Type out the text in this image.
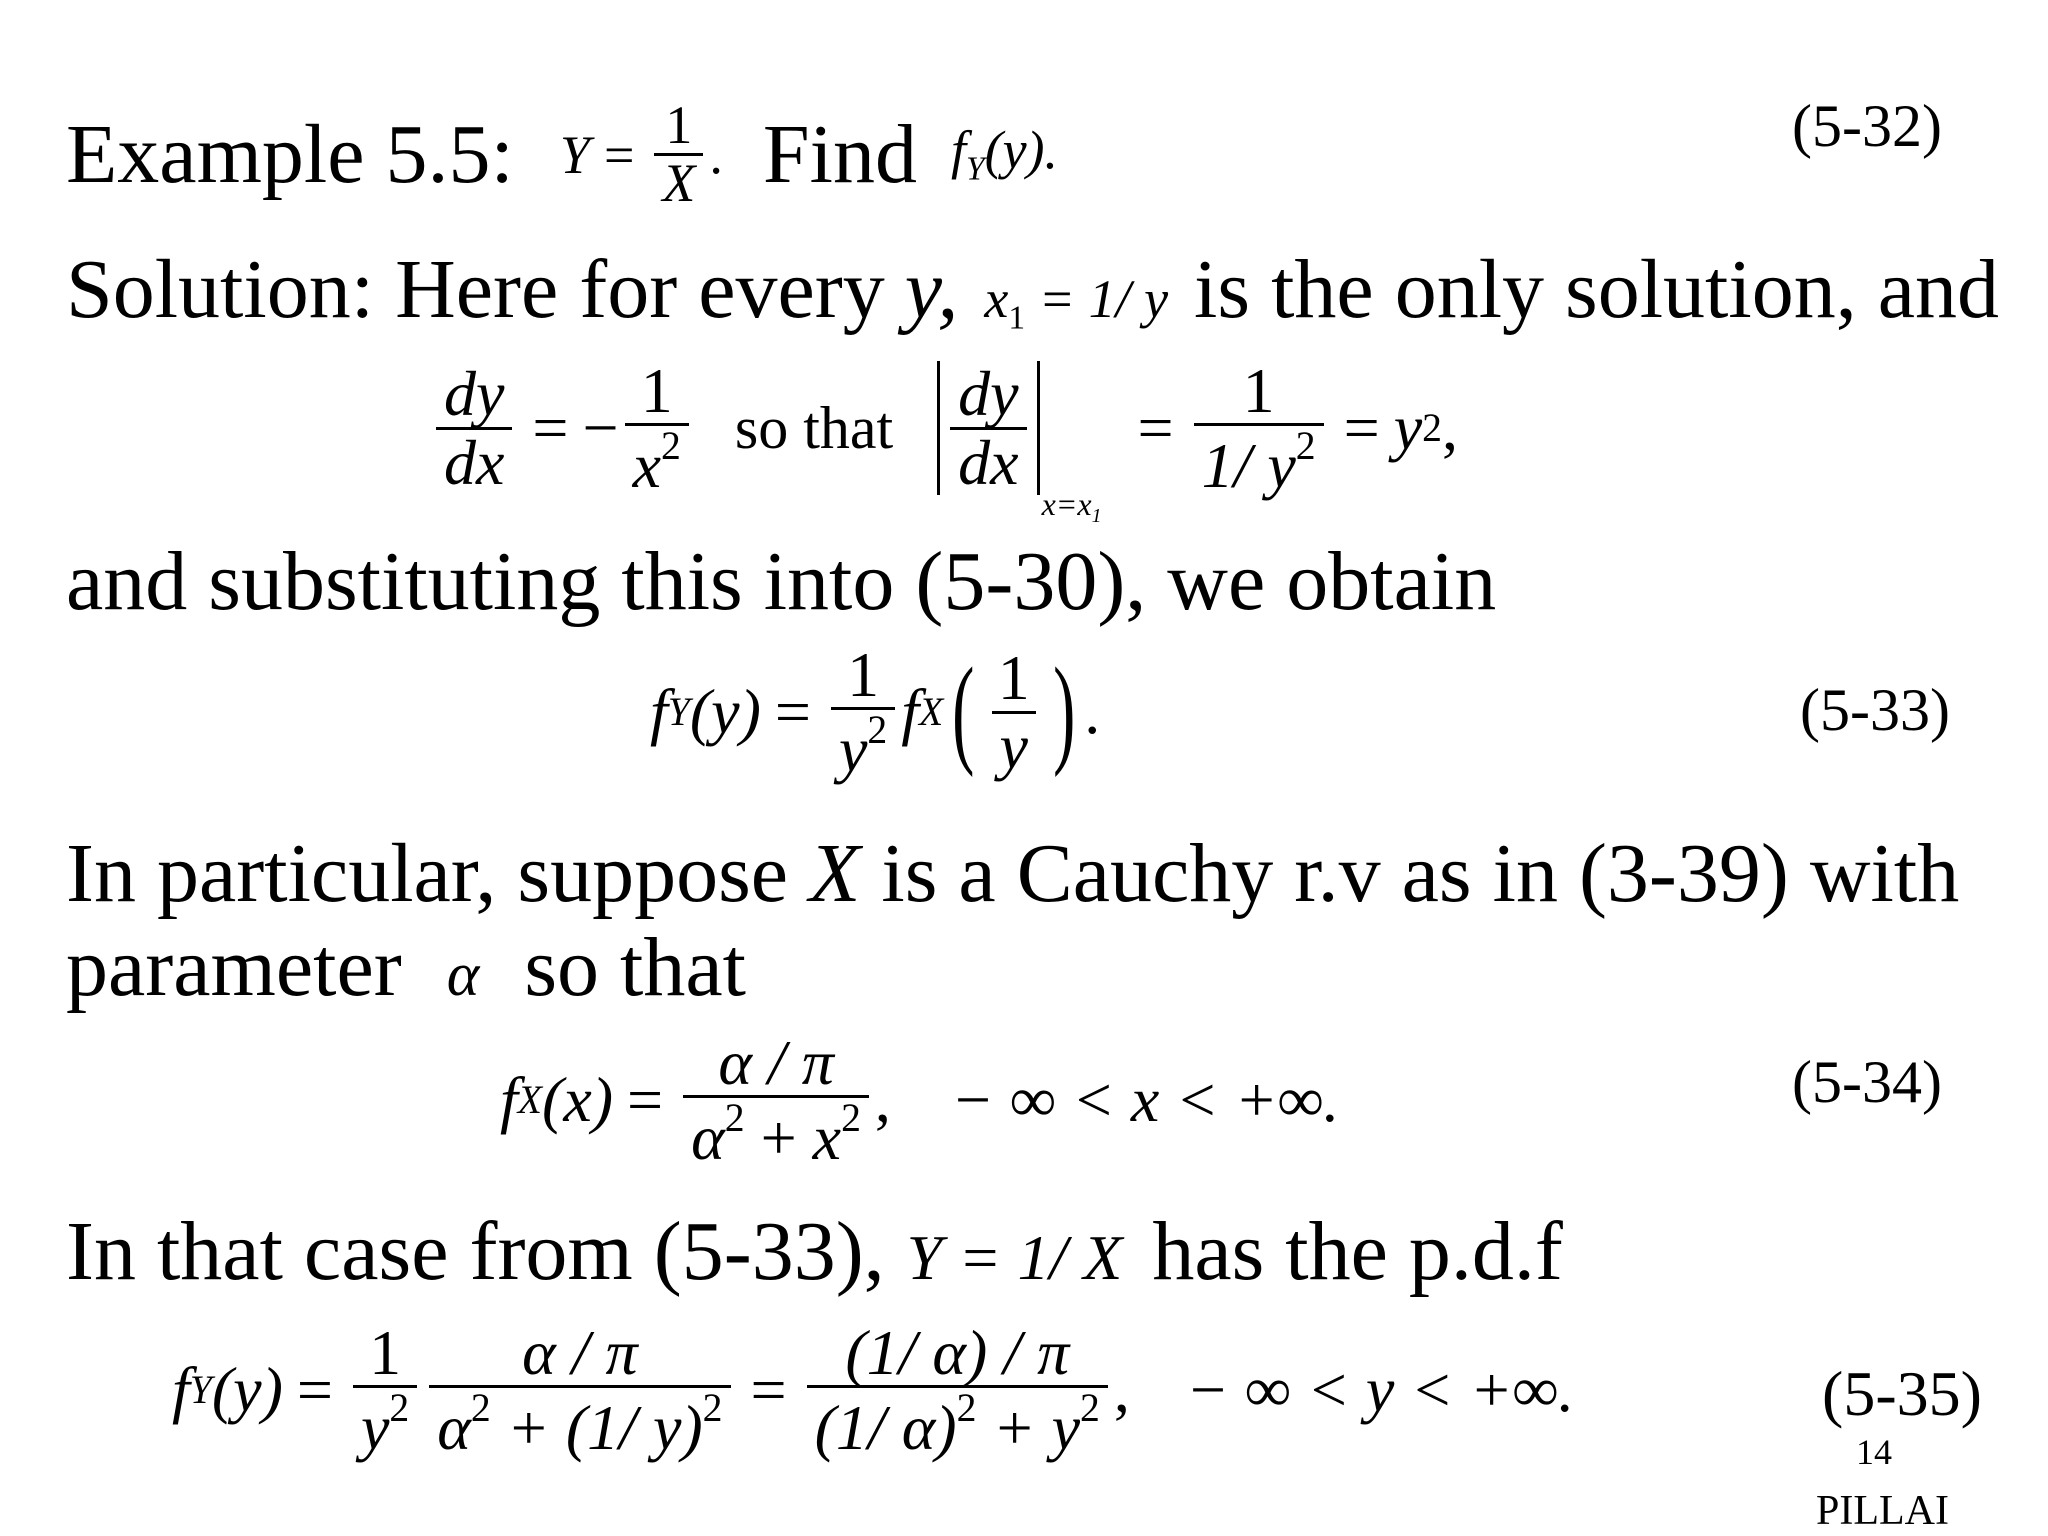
Example 5.5: $Y = \frac{1}{X}$ . Find $f_Y(y)$.	(5-32)
Solution: Here for every y, $x_1 = 1/$ y is the only solution, and
$\frac{dy}{dx}$ = − $\frac{1}{x^2}$ so that $\frac{dy}{dx}$
$x=x_1$
= $\frac{1}{1/ y^2} = y$ 2 ,
and substituting this into (5-30), we obtain
f Y $(y) = \frac{1}{y^2}$ f X ( $\frac{1}{y}$ ) .	(5-33)
In particular, suppose X is a Cauchy r.v as in (3-39) with
parameter α so that
f X $(x) = \frac{\alpha / \pi}{\alpha^2 + x^2}$ , − ∞ < x < +∞.	(5-34)
In that case from (5-33), Y = 1/ X has the p.d.f
f Y $(y) = \frac{1}{y^2} \frac{\alpha / \pi}{\alpha^2 + (1/ y)^2} = \frac{(1/ \alpha) / \pi}{(1/ \alpha)^2 + y^2}$ , − ∞ < y < +∞.	(5-35)
14
PILLAI
